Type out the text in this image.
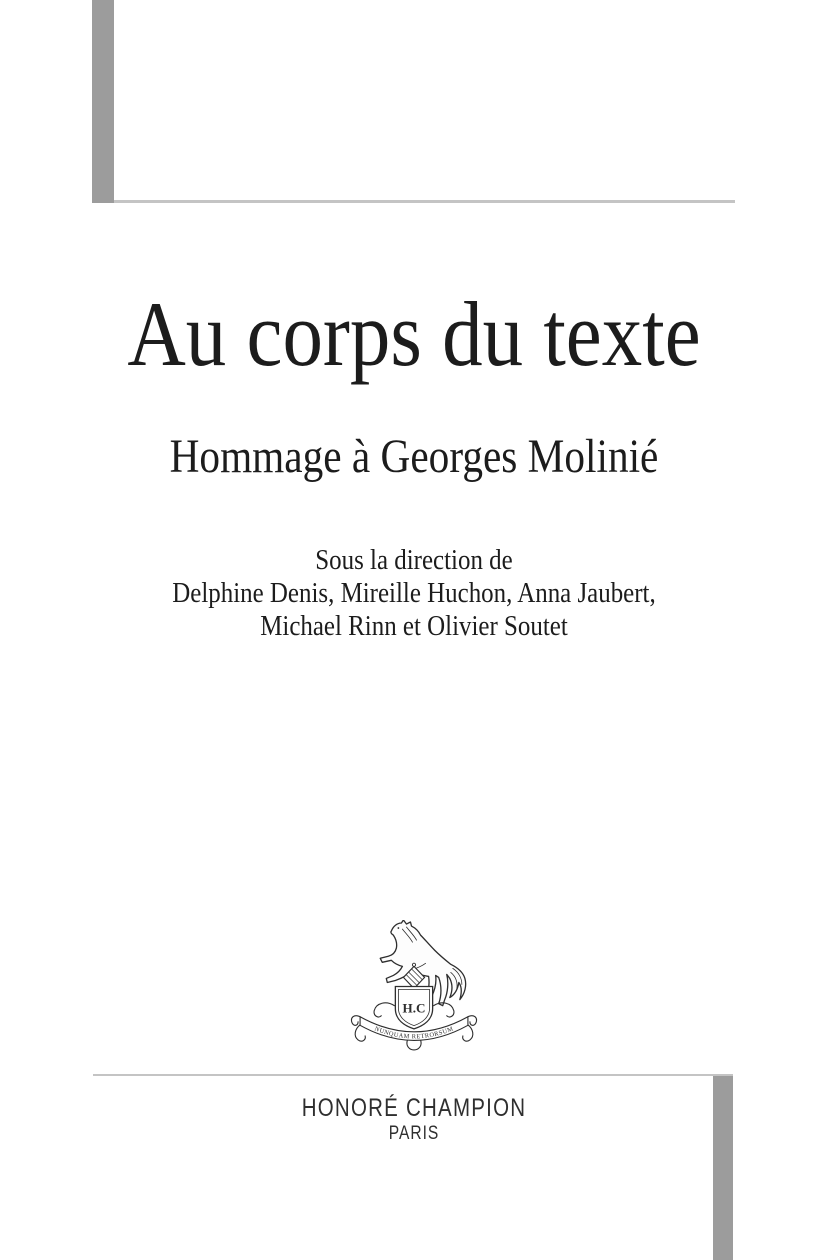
Au corps du texte
Hommage à Georges Molinié
Sous la direction de
Delphine Denis, Mireille Huchon, Anna Jaubert,
Michael Rinn et Olivier Soutet
NUNQUAM RETRORSUM
H.C
HONORÉ CHAMPION
PARIS
